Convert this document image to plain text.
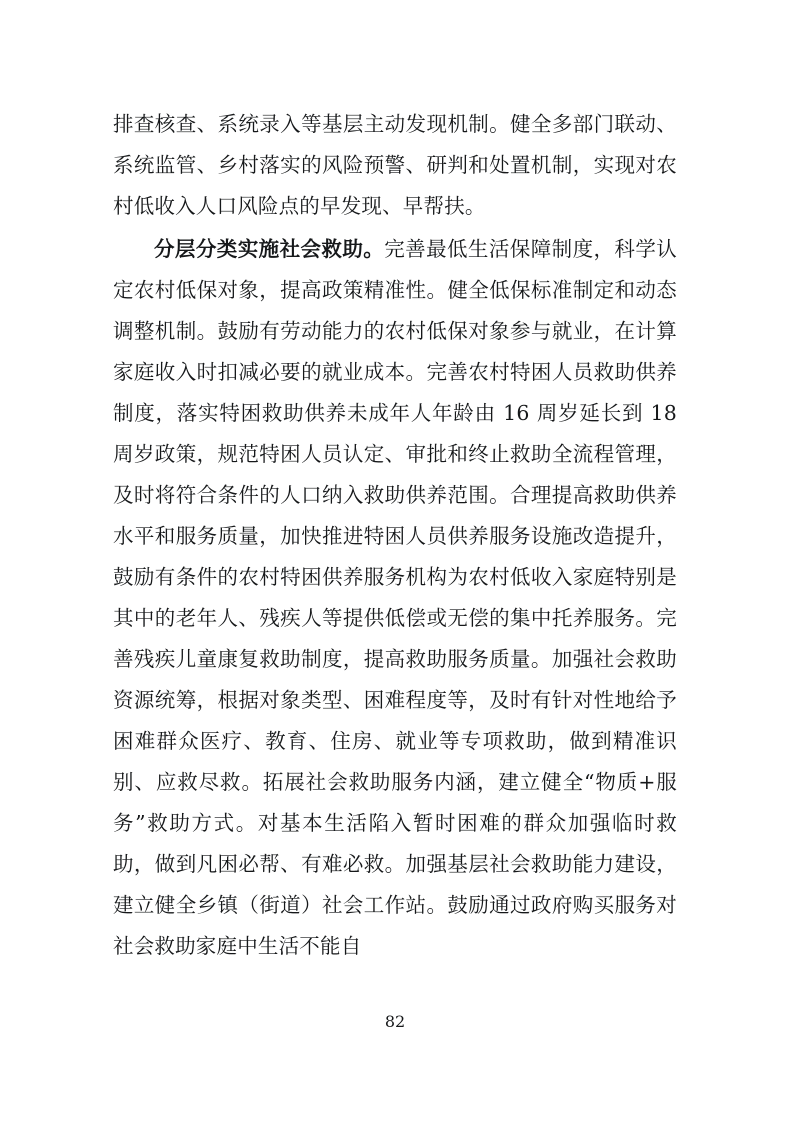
排查核查、系统录入等基层主动发现机制。健全多部门联动、系统监管、乡村落实的风险预警、研判和处置机制，实现对农村低收入人口风险点的早发现、早帮扶。

分层分类实施社会救助。完善最低生活保障制度，科学认定农村低保对象，提高政策精准性。健全低保标准制定和动态调整机制。鼓励有劳动能力的农村低保对象参与就业，在计算家庭收入时扣减必要的就业成本。完善农村特困人员救助供养制度，落实特困救助供养未成年人年龄由 16 周岁延长到 18 周岁政策，规范特困人员认定、审批和终止救助全流程管理，及时将符合条件的人口纳入救助供养范围。合理提高救助供养水平和服务质量，加快推进特困人员供养服务设施改造提升，鼓励有条件的农村特困供养服务机构为农村低收入家庭特别是其中的老年人、残疾人等提供低偿或无偿的集中托养服务。完善残疾儿童康复救助制度，提高救助服务质量。加强社会救助资源统筹，根据对象类型、困难程度等，及时有针对性地给予困难群众医疗、教育、住房、就业等专项救助，做到精准识别、应救尽救。拓展社会救助服务内涵，建立健全“物质+服务”救助方式。对基本生活陷入暂时困难的群众加强临时救助，做到凡困必帮、有难必救。加强基层社会救助能力建设，建立健全乡镇（街道）社会工作站。鼓励通过政府购买服务对社会救助家庭中生活不能自

82
